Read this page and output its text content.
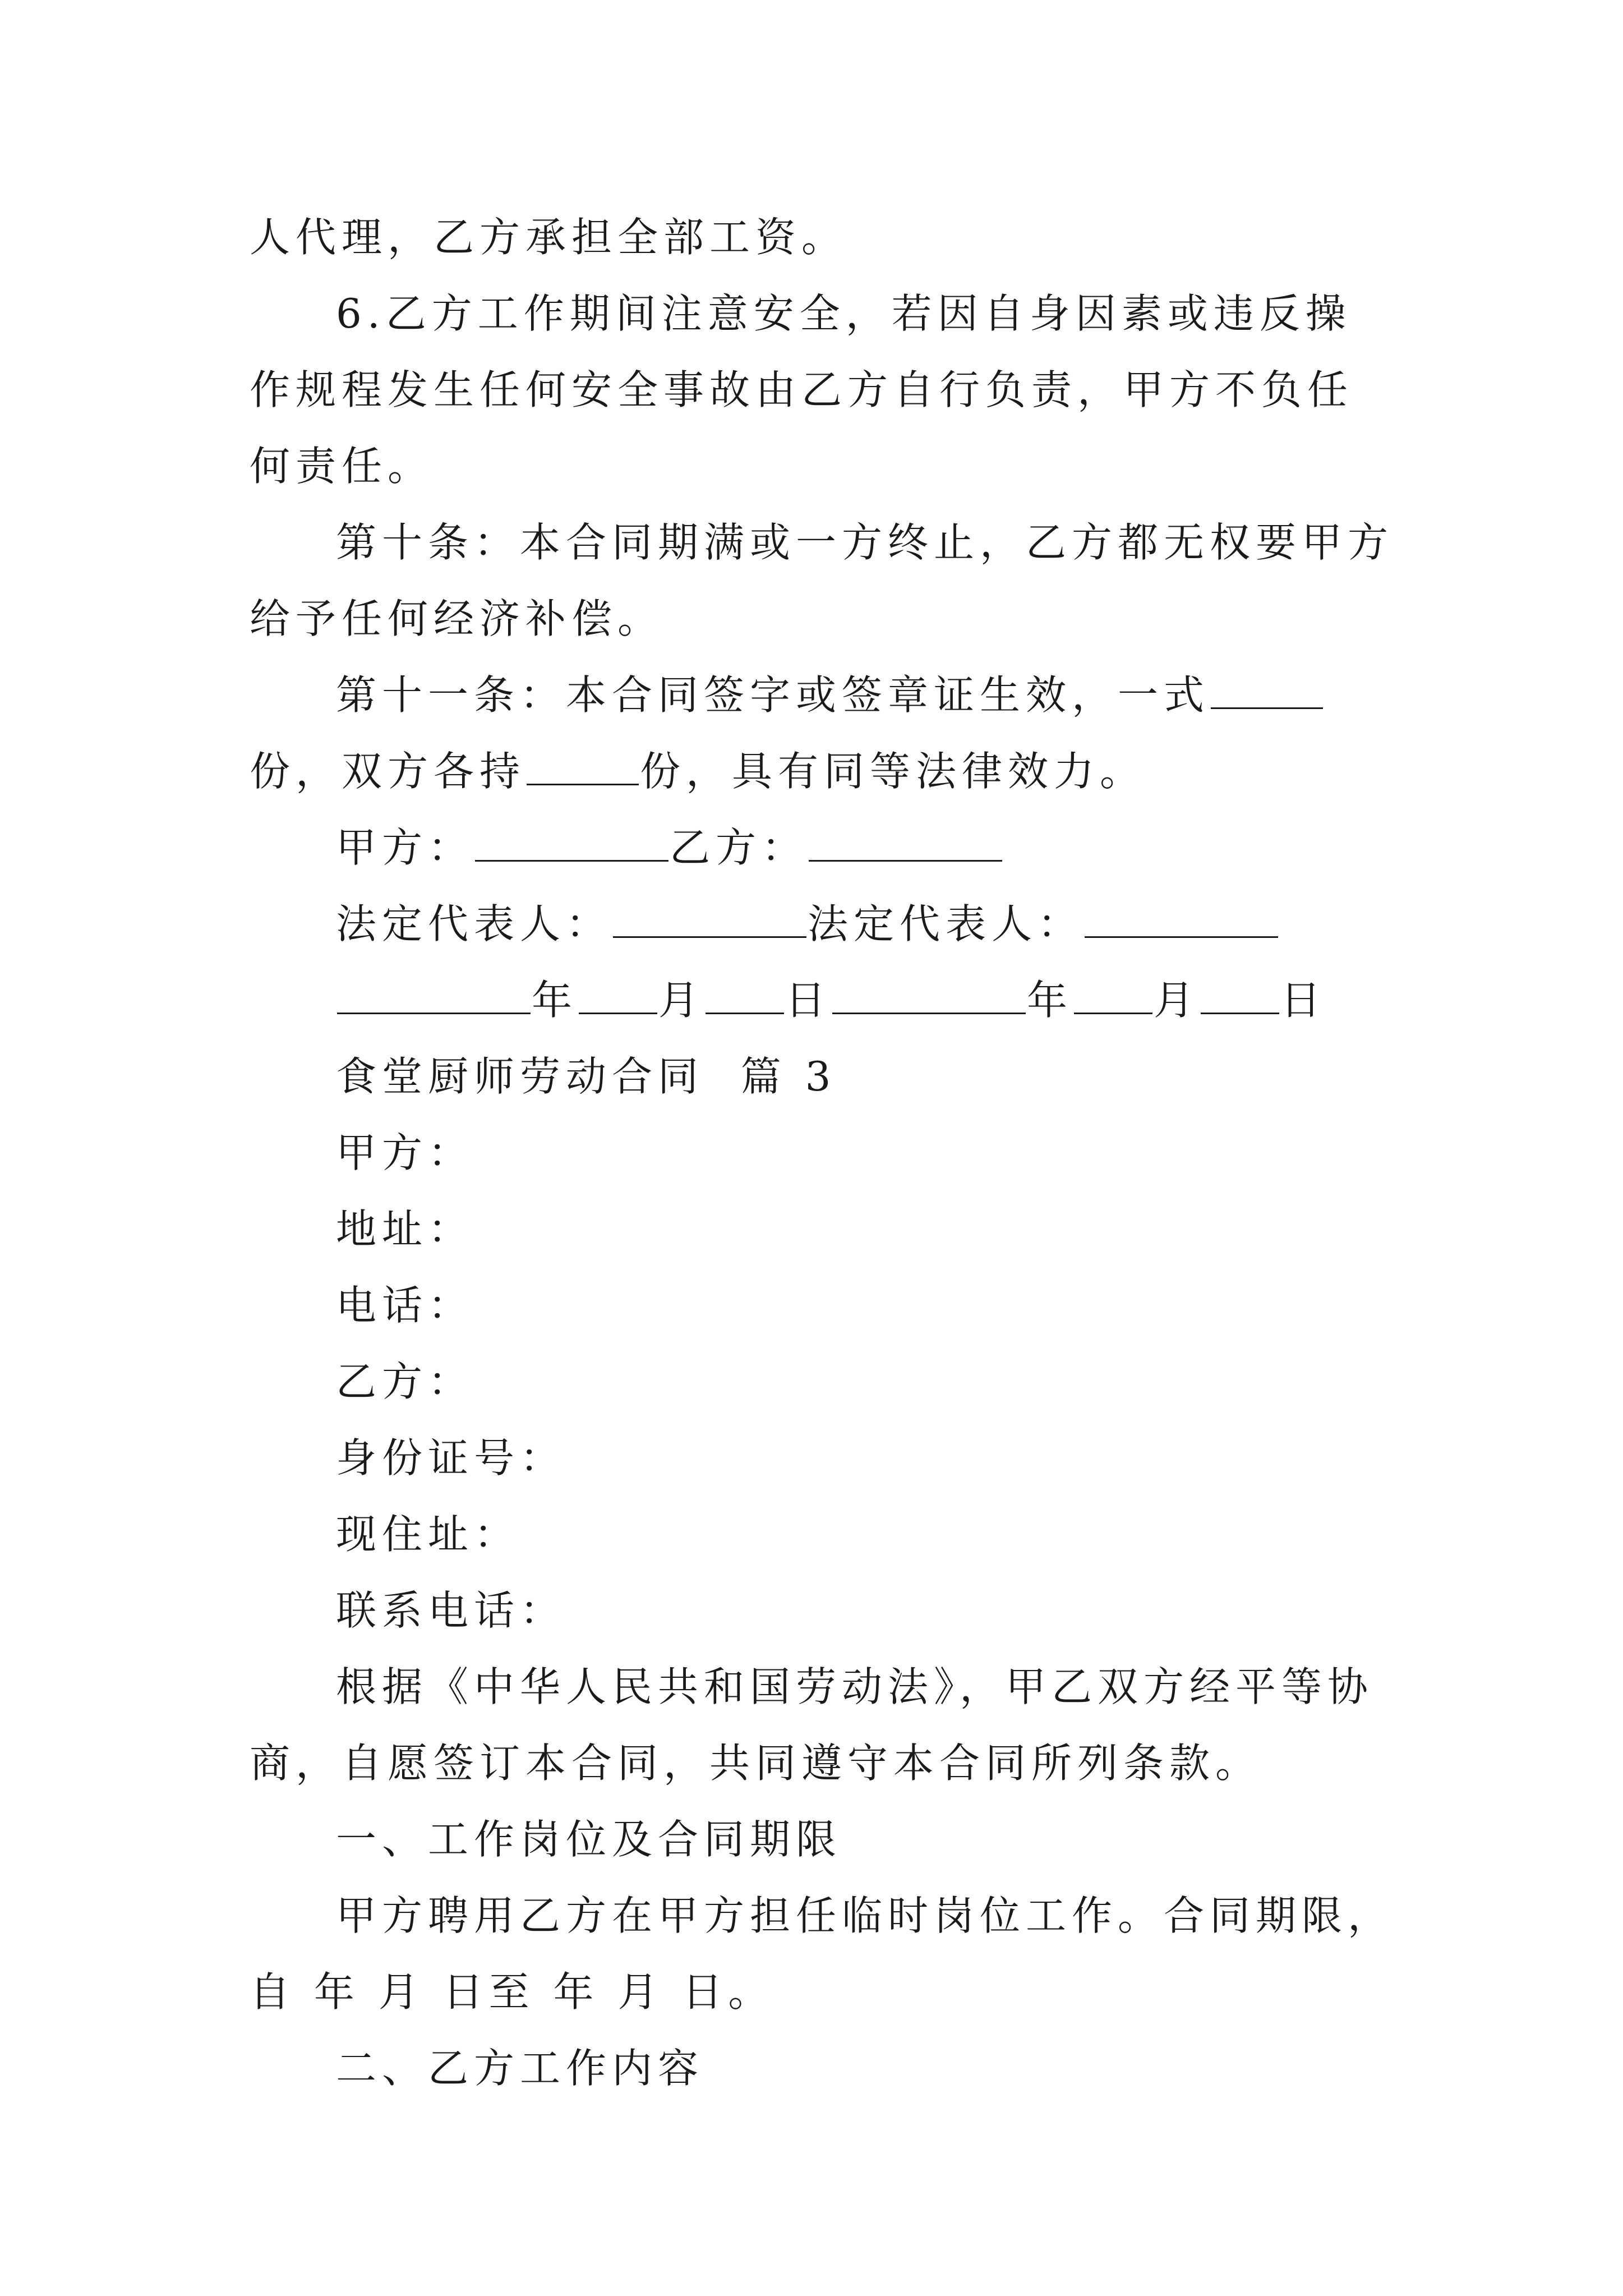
人代理，乙方承担全部工资。

6.乙方工作期间注意安全，若因自身因素或违反操作规程发生任何安全事故由乙方自行负责，甲方不负任何责任。

第十条：本合同期满或一方终止，乙方都无权要甲方给予任何经济补偿。

第十一条：本合同签字或签章证生效，一式份，双方各持	份，具有同等法律效力。

甲方：	乙方：

法定代表人：	法定代表人：

年 月 日	年 月 日

食堂厨师劳动合同  篇 3

甲方：

地址：

电话：

乙方：

身份证号：

现住址：

联系电话：

根据《中华人民共和国劳动法》，甲乙双方经平等协商，自愿签订本合同，共同遵守本合同所列条款。

一、工作岗位及合同期限

甲方聘用乙方在甲方担任临时岗位工作。合同期限，自 年 月 日至 年 月 日。

二、乙方工作内容
